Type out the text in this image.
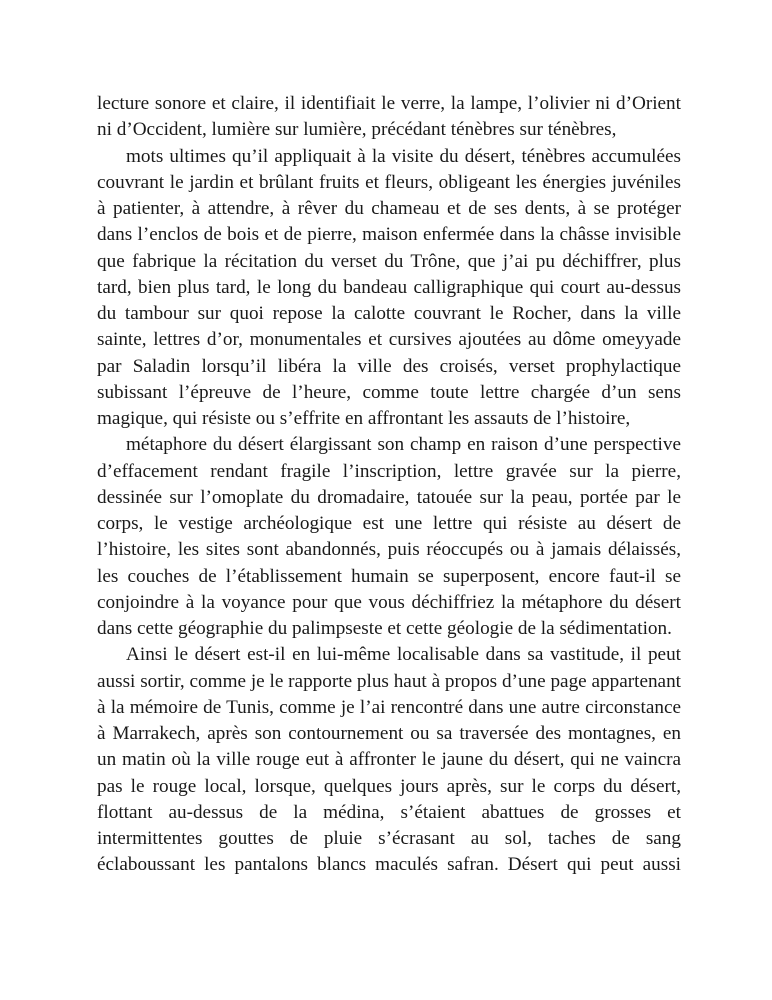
lecture sonore et claire, il identifiait le verre, la lampe, l’olivier ni d’Orient ni d’Occident, lumière sur lumière, précédant ténèbres sur ténèbres,

mots ultimes qu’il appliquait à la visite du désert, ténèbres accumulées couvrant le jardin et brûlant fruits et fleurs, obligeant les énergies juvéniles à patienter, à attendre, à rêver du chameau et de ses dents, à se protéger dans l’enclos de bois et de pierre, maison enfermée dans la châsse invisible que fabrique la récitation du verset du Trône, que j’ai pu déchiffrer, plus tard, bien plus tard, le long du bandeau calligraphique qui court au-dessus du tambour sur quoi repose la calotte couvrant le Rocher, dans la ville sainte, lettres d’or, monumentales et cursives ajoutées au dôme omeyyade par Saladin lorsqu’il libéra la ville des croisés, verset prophylactique subissant l’épreuve de l’heure, comme toute lettre chargée d’un sens magique, qui résiste ou s’effrite en affrontant les assauts de l’histoire,

métaphore du désert élargissant son champ en raison d’une perspective d’effacement rendant fragile l’inscription, lettre gravée sur la pierre, dessinée sur l’omoplate du dromadaire, tatouée sur la peau, portée par le corps, le vestige archéologique est une lettre qui résiste au désert de l’histoire, les sites sont abandonnés, puis réoccupés ou à jamais délaissés, les couches de l’établissement humain se superposent, encore faut-il se conjoindre à la voyance pour que vous déchiffriez la métaphore du désert dans cette géographie du palimpseste et cette géologie de la sédimentation.

Ainsi le désert est-il en lui-même localisable dans sa vastitude, il peut aussi sortir, comme je le rapporte plus haut à propos d’une page appartenant à la mémoire de Tunis, comme je l’ai rencontré dans une autre circonstance à Marrakech, après son contournement ou sa traversée des montagnes, en un matin où la ville rouge eut à affronter le jaune du désert, qui ne vaincra pas le rouge local, lorsque, quelques jours après, sur le corps du désert, flottant au-dessus de la médina, s’étaient abattues de grosses et intermittentes gouttes de pluie s’écrasant au sol, taches de sang éclaboussant les pantalons blancs maculés safran. Désert qui peut aussi
